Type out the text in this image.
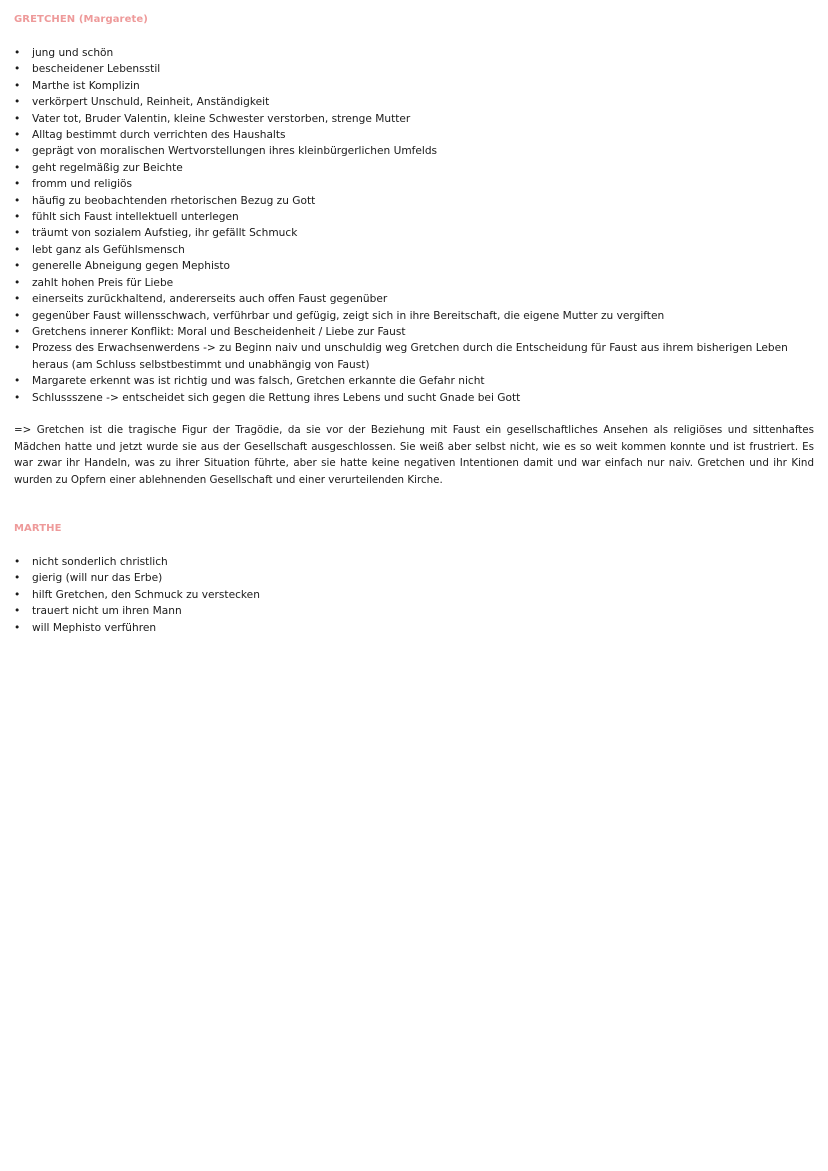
GRETCHEN (Margarete)
• jung und schön
• bescheidener Lebensstil
• Marthe ist Komplizin
• verkörpert Unschuld, Reinheit, Anständigkeit
• Vater tot, Bruder Valentin, kleine Schwester verstorben, strenge Mutter
• Alltag bestimmt durch verrichten des Haushalts
• geprägt von moralischen Wertvorstellungen ihres kleinbürgerlichen Umfelds
• geht regelmäßig zur Beichte
• fromm und religiös
• häufig zu beobachtenden rhetorischen Bezug zu Gott
• fühlt sich Faust intellektuell unterlegen
• träumt von sozialem Aufstieg, ihr gefällt Schmuck
• lebt ganz als Gefühlsmensch
• generelle Abneigung gegen Mephisto
• zahlt hohen Preis für Liebe
• einerseits zurückhaltend, andererseits auch offen Faust gegenüber
• gegenüber Faust willensschwach, verführbar und gefügig, zeigt sich in ihre Bereitschaft, die eigene Mutter zu vergiften
• Gretchens innerer Konflikt: Moral und Bescheidenheit / Liebe zur Faust
• Prozess des Erwachsenwerdens -> zu Beginn naiv und unschuldig weg Gretchen durch die Entscheidung für Faust aus ihrem bisherigen Leben heraus (am Schluss selbstbestimmt und unabhängig von Faust)
• Margarete erkennt was ist richtig und was falsch, Gretchen erkannte die Gefahr nicht
• Schlussszene -> entscheidet sich gegen die Rettung ihres Lebens und sucht Gnade bei Gott

=> Gretchen ist die tragische Figur der Tragödie, da sie vor der Beziehung mit Faust ein gesellschaftliches Ansehen als religiöses und sittenhaftes Mädchen hatte und jetzt wurde sie aus der Gesellschaft ausgeschlossen. Sie weiß aber selbst nicht, wie es so weit kommen konnte und ist frustriert. Es war zwar ihr Handeln, was zu ihrer Situation führte, aber sie hatte keine negativen Intentionen damit und war einfach nur naiv. Gretchen und ihr Kind wurden zu Opfern einer ablehnenden Gesellschaft und einer verurteilenden Kirche.

MARTHE
• nicht sonderlich christlich
• gierig (will nur das Erbe)
• hilft Gretchen, den Schmuck zu verstecken
• trauert nicht um ihren Mann
• will Mephisto verführen
